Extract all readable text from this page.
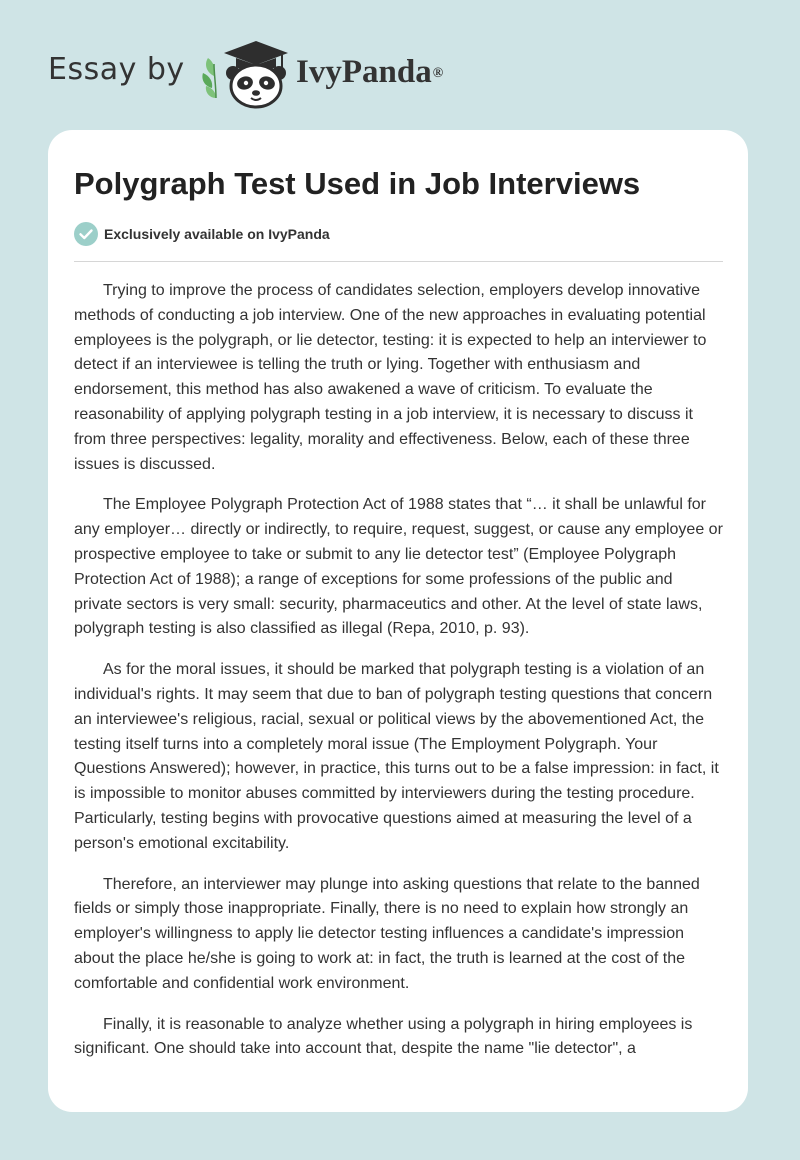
Essay by	IvyPanda®
Polygraph Test Used in Job Interviews
Exclusively available on IvyPanda

Trying to improve the process of candidates selection, employers develop innovative methods of conducting a job interview. One of the new approaches in evaluating potential employees is the polygraph, or lie detector, testing: it is expected to help an interviewer to detect if an interviewee is telling the truth or lying. Together with enthusiasm and endorsement, this method has also awakened a wave of criticism. To evaluate the reasonability of applying polygraph testing in a job interview, it is necessary to discuss it from three perspectives: legality, morality and effectiveness. Below, each of these three issues is discussed.

The Employee Polygraph Protection Act of 1988 states that “… it shall be unlawful for any employer… directly or indirectly, to require, request, suggest, or cause any employee or prospective employee to take or submit to any lie detector test” (Employee Polygraph Protection Act of 1988); a range of exceptions for some professions of the public and private sectors is very small: security, pharmaceutics and other. At the level of state laws, polygraph testing is also classified as illegal (Repa, 2010, p. 93).

As for the moral issues, it should be marked that polygraph testing is a violation of an individual's rights. It may seem that due to ban of polygraph testing questions that concern an interviewee's religious, racial, sexual or political views by the abovementioned Act, the testing itself turns into a completely moral issue (The Employment Polygraph. Your Questions Answered); however, in practice, this turns out to be a false impression: in fact, it is impossible to monitor abuses committed by interviewers during the testing procedure. Particularly, testing begins with provocative questions aimed at measuring the level of a person's emotional excitability.

Therefore, an interviewer may plunge into asking questions that relate to the banned fields or simply those inappropriate. Finally, there is no need to explain how strongly an employer's willingness to apply lie detector testing influences a candidate's impression about the place he/she is going to work at: in fact, the truth is learned at the cost of the comfortable and confidential work environment.

Finally, it is reasonable to analyze whether using a polygraph in hiring employees is significant. One should take into account that, despite the name "lie detector", a
